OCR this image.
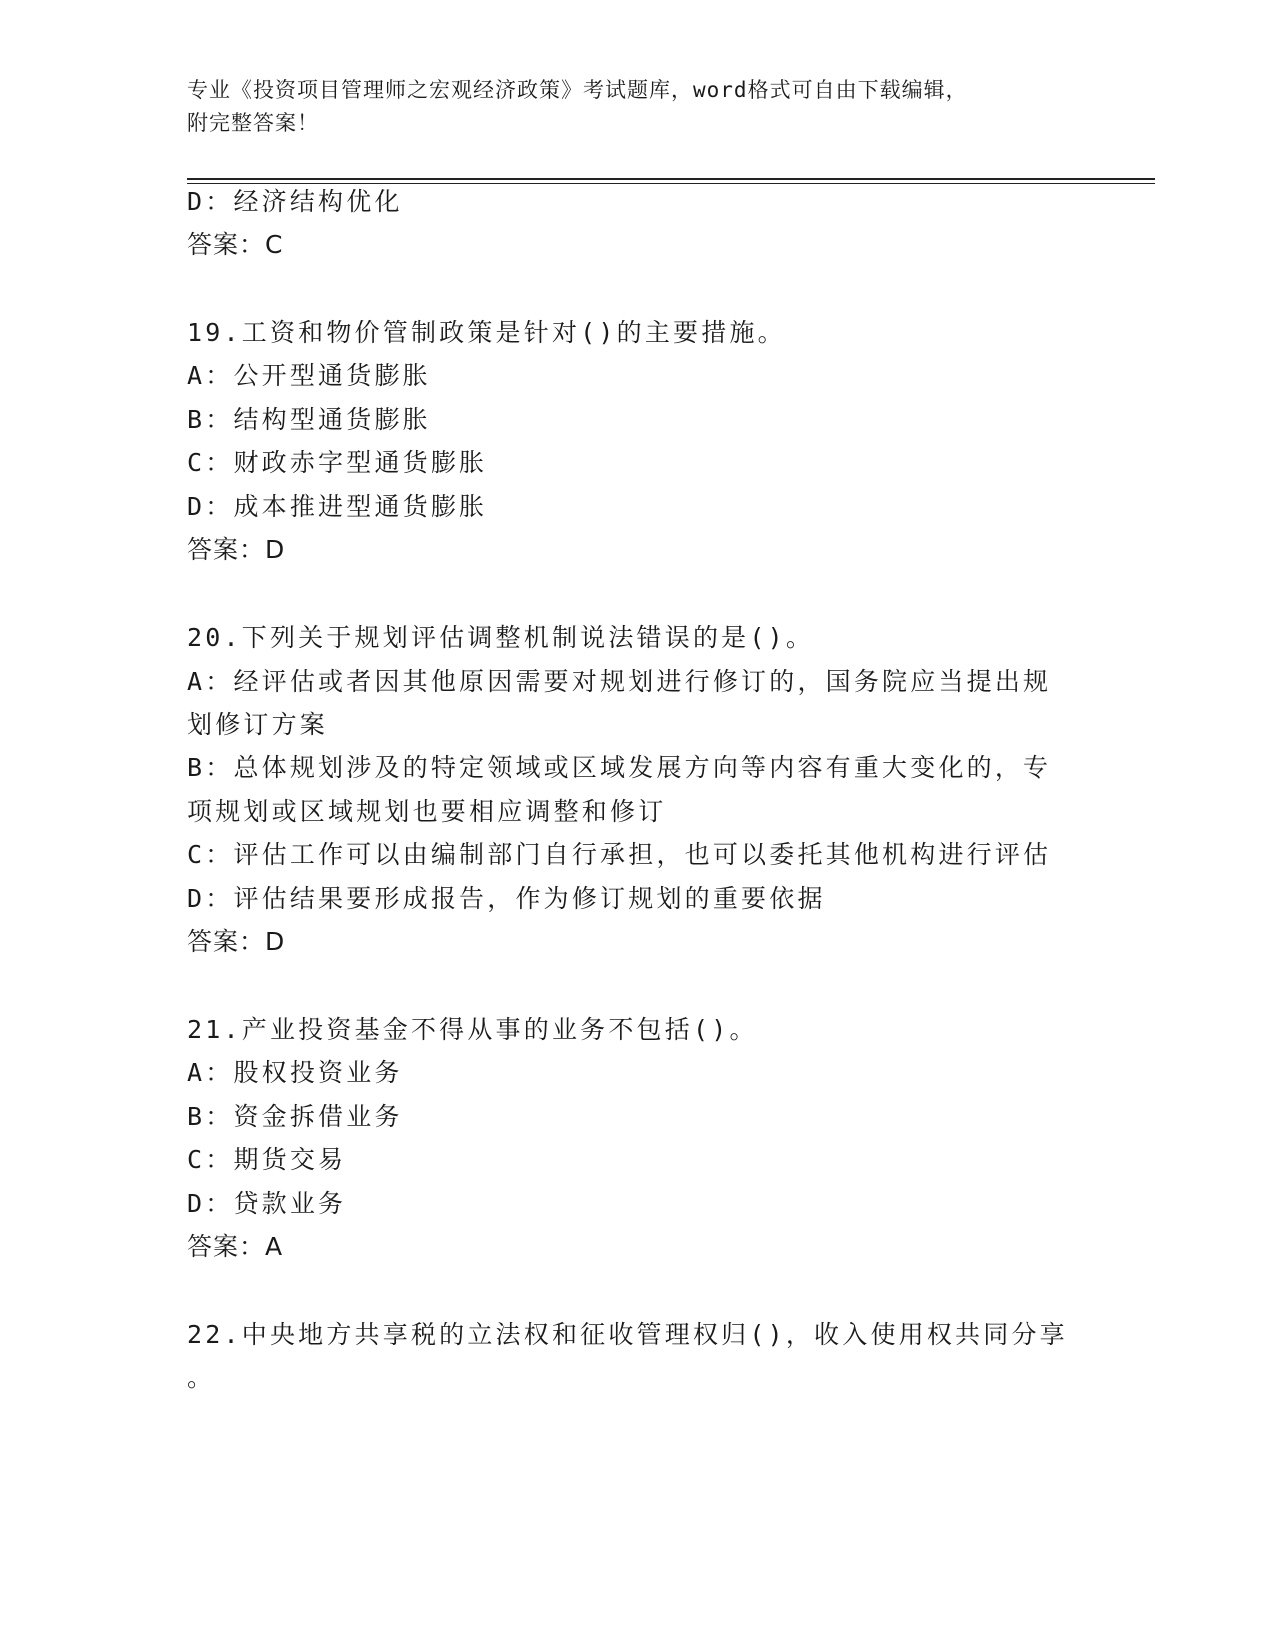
专业《投资项目管理师之宏观经济政策》考试题库，word格式可自由下载编辑，
附完整答案！
D：经济结构优化
答案：C
19.工资和物价管制政策是针对()的主要措施。
A：公开型通货膨胀
B：结构型通货膨胀
C：财政赤字型通货膨胀
D：成本推进型通货膨胀
答案：D
20.下列关于规划评估调整机制说法错误的是()。
A：经评估或者因其他原因需要对规划进行修订的，国务院应当提出规
划修订方案
B：总体规划涉及的特定领域或区域发展方向等内容有重大变化的，专
项规划或区域规划也要相应调整和修订
C：评估工作可以由编制部门自行承担，也可以委托其他机构进行评估
D：评估结果要形成报告，作为修订规划的重要依据
答案：D
21.产业投资基金不得从事的业务不包括()。
A：股权投资业务
B：资金拆借业务
C：期货交易
D：贷款业务
答案：A
22.中央地方共享税的立法权和征收管理权归()，收入使用权共同分享
。
